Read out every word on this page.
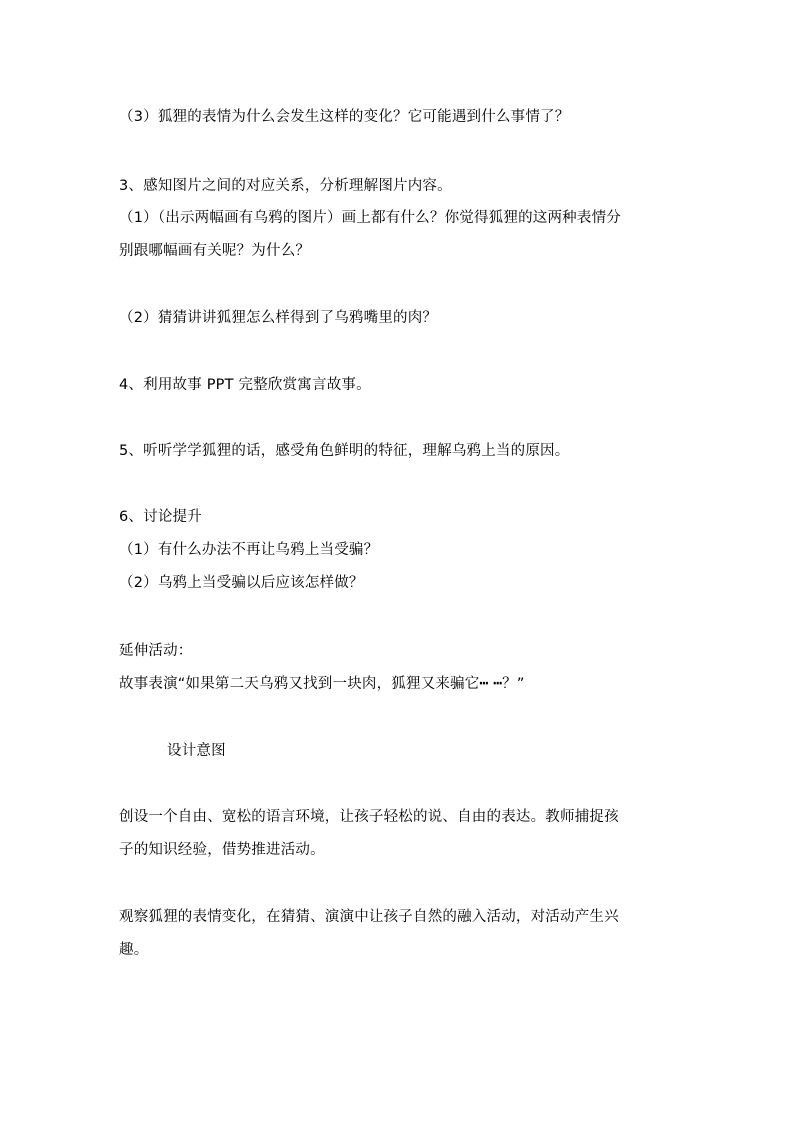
（3）狐狸的表情为什么会发生这样的变化？它可能遇到什么事情了？
3、感知图片之间的对应关系，分析理解图片内容。
（1）（出示两幅画有乌鸦的图片）画上都有什么？你觉得狐狸的这两种表情分
别跟哪幅画有关呢？为什么？
（2）猜猜讲讲狐狸怎么样得到了乌鸦嘴里的肉？
4、利用故事 PPT 完整欣赏寓言故事。
5、听听学学狐狸的话，感受角色鲜明的特征，理解乌鸦上当的原因。
6、讨论提升
（1）有什么办法不再让乌鸦上当受骗？
（2）乌鸦上当受骗以后应该怎样做？
延伸活动：
故事表演“如果第二天乌鸦又找到一块肉，狐狸又来骗它┅ ┅？”
设计意图
创设一个自由、宽松的语言环境，让孩子轻松的说、自由的表达。教师捕捉孩
子的知识经验，借势推进活动。
观察狐狸的表情变化，在猜猜、演演中让孩子自然的融入活动，对活动产生兴
趣。
